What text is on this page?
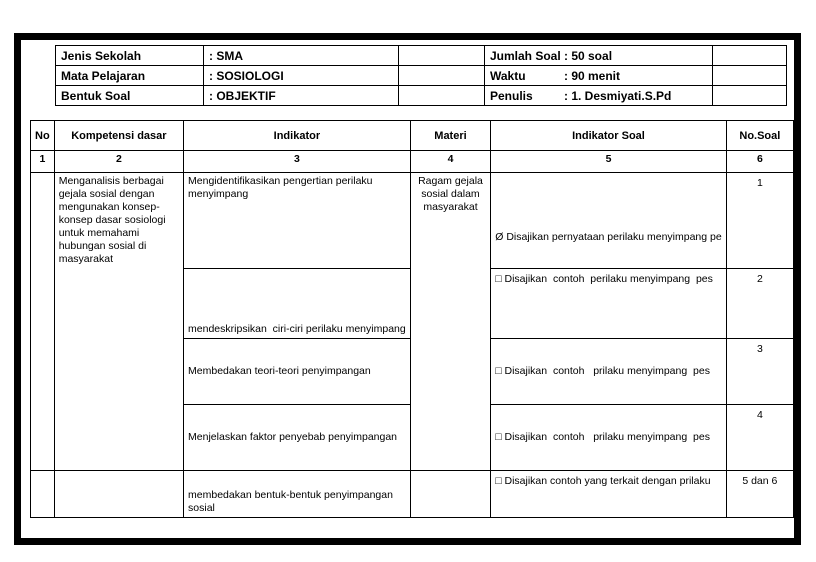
Jenis Sekolah	: SMA		Jumlah Soal : 50 soal	
Mata Pelajaran	: SOSIOLOGI		Waktu : 90 menit	
Bentuk Soal	: OBJEKTIF		Penulis : 1. Desmiyati.S.Pd	
No	Kompetensi dasar	Indikator	Materi	Indikator Soal	No.Soal
1	2	3	4	5	6
	Menganalisis berbagai gejala sosial dengan mengunakan konsep-konsep dasar sosiologi untuk memahami hubungan sosial di masyarakat	Mengidentifikasikan pengertian perilaku menyimpang	Ragam gejala sosial dalam masyarakat	Ø Disajikan pernyataan perilaku menyimpang pe	1
		mendeskripsikan  ciri-ciri perilaku menyimpang		□ Disajikan  contoh  perilaku menyimpang  pes	2
		Membedakan teori-teori penyimpangan		□ Disajikan  contoh   prilaku menyimpang  pes	3
		Menjelaskan faktor penyebab penyimpangan		□ Disajikan  contoh   prilaku menyimpang  pes	4
		membedakan bentuk-bentuk penyimpangan sosial		□ Disajikan contoh yang terkait dengan prilaku	5 dan 6
